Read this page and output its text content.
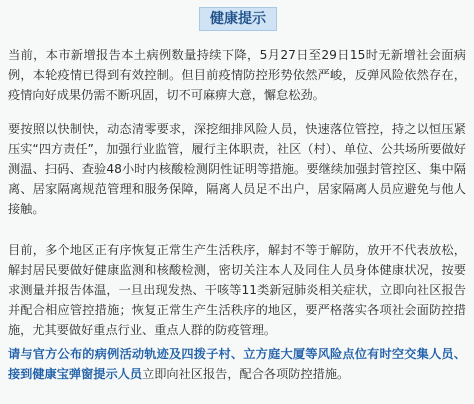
健康提示
当前，本市新增报告本土病例数量持续下降，5月27日至29日15时无新增社会面病例，本轮疫情已得到有效控制。但目前疫情防控形势依然严峻，反弹风险依然存在，疫情向好成果仍需不断巩固，切不可麻痹大意，懈怠松劲。
要按照以快制快，动态清零要求，深挖细排风险人员，快速落位管控，持之以恒压紧压实“四方责任”，加强行业监管，履行主体职责，社区（村）、单位、公共场所要做好测温、扫码、查验48小时内核酸检测阴性证明等措施。要继续加强封管控区、集中隔离、居家隔离规范管理和服务保障，隔离人员足不出户，居家隔离人员应避免与他人接触。
目前，多个地区正有序恢复正常生产生活秩序，解封不等于解防，放开不代表放松，解封居民要做好健康监测和核酸检测，密切关注本人及同住人员身体健康状况，按要求测量并报告体温，一旦出现发热、干咳等11类新冠肺炎相关症状，立即向社区报告并配合相应管控措施；恢复正常生产生活秩序的地区，要严格落实各项社会面防控措施，尤其要做好重点行业、重点人群的防疫管理。
请与官方公布的病例活动轨迹及四拨子村、立方庭大厦等风险点位有时空交集人员、接到健康宝弹窗提示人员立即向社区报告，配合各项防控措施。
